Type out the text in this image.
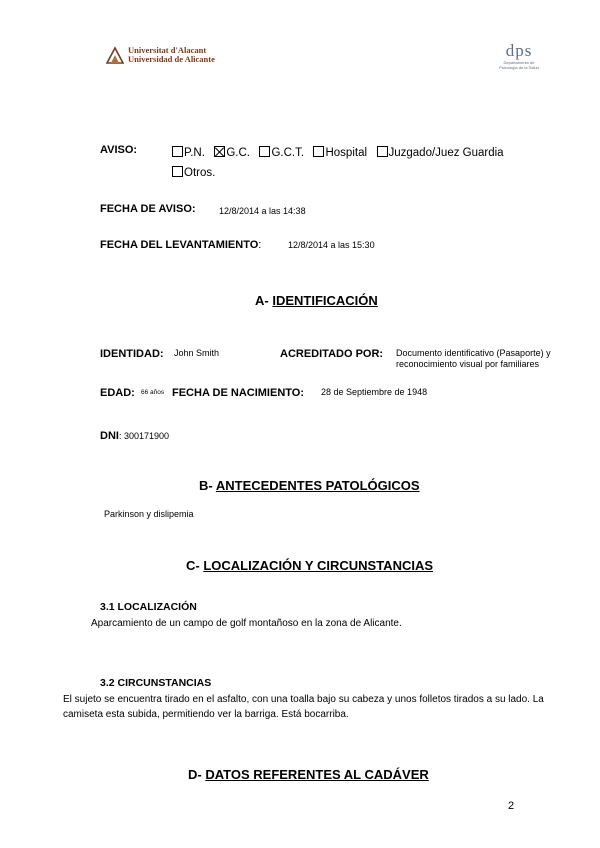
Universitat d'Alacant
Universidad de Alicante	dps
Departamento de
Psicología de la Salud
AVISO:	P.N. G.C. G.C.T. Hospital Juzgado/Juez Guardia
Otros.
FECHA DE AVISO:	12/8/2014 a las 14:38
FECHA DEL LEVANTAMIENTO:	12/8/2014 a las 15:30
A- IDENTIFICACIÓN
IDENTIDAD: John Smith	ACREDITADO POR: Documento identificativo (Pasaporte) y
reconocimiento visual por familiares
EDAD: 66 años FECHA DE NACIMIENTO: 28 de Septiembre de 1948
DNI: 300171900
B- ANTECEDENTES PATOLÓGICOS
Parkinson y dislipemia
C- LOCALIZACIÓN Y CIRCUNSTANCIAS
3.1 LOCALIZACIÓN
Aparcamiento de un campo de golf montañoso en la zona de Alicante.
3.2 CIRCUNSTANCIAS
El sujeto se encuentra tirado en el asfalto, con una toalla bajo su cabeza y unos folletos tirados a su lado. La
camiseta esta subida, permitiendo ver la barriga. Está bocarriba.
D- DATOS REFERENTES AL CADÁVER
2
